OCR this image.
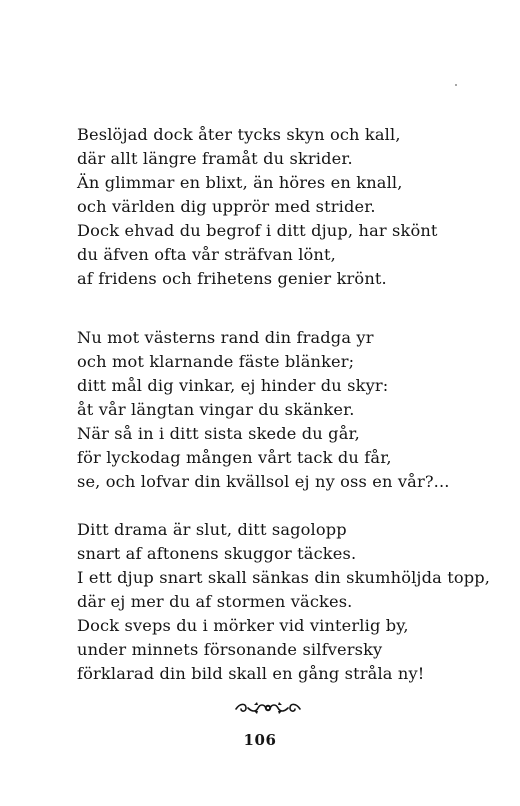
Beslöjad dock åter tycks skyn och kall,
där allt längre framåt du skrider.
Än glimmar en blixt, än höres en knall,
och världen dig upprör med strider.
Dock ehvad du begrof i ditt djup, har skönt
du äfven ofta vår sträfvan lönt,
af fridens och frihetens genier krönt.
Nu mot västerns rand din fradga yr
och mot klarnande fäste blänker;
ditt mål dig vinkar, ej hinder du skyr:
åt vår längtan vingar du skänker.
När så in i ditt sista skede du går,
för lyckodag mången vårt tack du får,
se, och lofvar din kvällsol ej ny oss en vår?...
Ditt drama är slut, ditt sagolopp
snart af aftonens skuggor täckes.
I ett djup snart skall sänkas din skumhöljda topp,
där ej mer du af stormen väckes.
Dock sveps du i mörker vid vinterlig by,
under minnets försonande silfversky
förklarad din bild skall en gång stråla ny!
106
